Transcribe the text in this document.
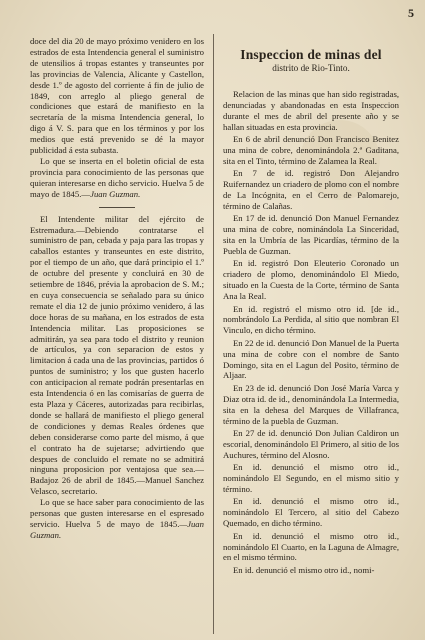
5

doce del dia 20 de mayo próximo venidero en los estrados de esta Intendencia general el suministro de utensilios á tropas estantes y transeuntes por las provincias de Valencia, Alicante y Castellon, desde 1.º de agosto del corriente á fin de julio de 1849, con arreglo al pliego general de condiciones que estará de manifiesto en la secretaría de la misma Intendencia general, lo digo á V. S. para que en los términos y por los medios que está prevenido se dé la mayor publicidad á esta subasta.

Lo que se inserta en el boletin oficial de esta provincia para conocimiento de las personas que quieran interesarse en dicho servicio. Huelva 5 de mayo de 1845.—Juan Guzman.

El Intendente militar del ejército de Estremadura.—Debiendo contratarse el suministro de pan, cebada y paja para las tropas y caballos estantes y transeuntes en este distrito, por el tiempo de un año, que dará principio el 1.º de octubre del presente y concluirá en 30 de setiembre de 1846, prévia la aprobacion de S. M.; en cuya consecuencia se señalado para su único remate el dia 12 de junio próximo venidero, á las doce horas de su mañana, en los estrados de esta Intendencia militar. Las proposiciones se admitirán, ya sea para todo el distrito y reunion de artículos, ya con separacion de estos y limitacion á cada una de las provincias, partidos ó puntos de suministro; y los que gusten hacerlo con anticipacion al remate podrán presentarlas en esta Intendencia ó en las comisarías de guerra de esta Plaza y Cáceres, autorizadas para recibirlas, donde se hallará de manifiesto el pliego general de condiciones y demas Reales órdenes que deben considerarse como parte del mismo, á que el contrato ha de sujetarse; advirtiendo que despues de concluido el remate no se admitirá ninguna proposicion por ventajosa que sea.—Badajoz 26 de abril de 1845.—Manuel Sanchez Velasco, secretario.

Lo que se hace saber para conocimiento de las personas que gusten interesarse en el espresado servicio. Huelva 5 de mayo de 1845.—Juan Guzman.

Inspeccion de minas del
distrito de Rio-Tinto.

Relacion de las minas que han sido registradas, denunciadas y abandonadas en esta Inspeccion durante el mes de abril del presente año y se hallan situadas en esta provincia.

En 6 de abril denunció Don Francisco Benitez una mina de cobre, denominándola 2.ª Gaditana, sita en el Tinto, término de Zalamea la Real.

En 7 de id. registró Don Alejandro Ruifernandez un criadero de plomo con el nombre de La Incógnita, en el Cerro de Palomarejo, término de Calañas.

En 17 de id. denunció Don Manuel Fernandez una mina de cobre, nominándola La Sinceridad, sita en la Umbría de las Picardías, término de la Puebla de Guzman.

En id. registró Don Eleuterio Coronado un criadero de plomo, denominándolo El Miedo, situado en la Cuesta de la Corte, término de Santa Ana la Real.

En id. registró el mismo otro id. [de id., nombrándolo La Perdida, al sitio que nombran El Vinculo, en dicho término.

En 22 de id. denunció Don Manuel de la Puerta una mina de cobre con el nombre de Santo Domingo, sita en el Lagun del Posito, término de Aljaar.

En 23 de id. denunció Don José María Varca y Diaz otra id. de id., denominándola La Intermedia, sita en la dehesa del Marques de Villafranca, término de la puebla de Guzman.

En 27 de id. denunció Don Julian Caldiron un escorial, denominándolo El Primero, al sitio de los Auchures, término del Alosno.

En id. denunció el mismo otro id., nominándolo El Segundo, en el mismo sitio y término.

En id. denunció el mismo otro id., nominándolo El Tercero, al sitio del Cabezo Quemado, en dicho término.

En id. denunció el mismo otro id., nominándolo El Cuarto, en la Laguna de Almagre, en el mismo término.

En id. denunció el mismo otro id., nomi-
